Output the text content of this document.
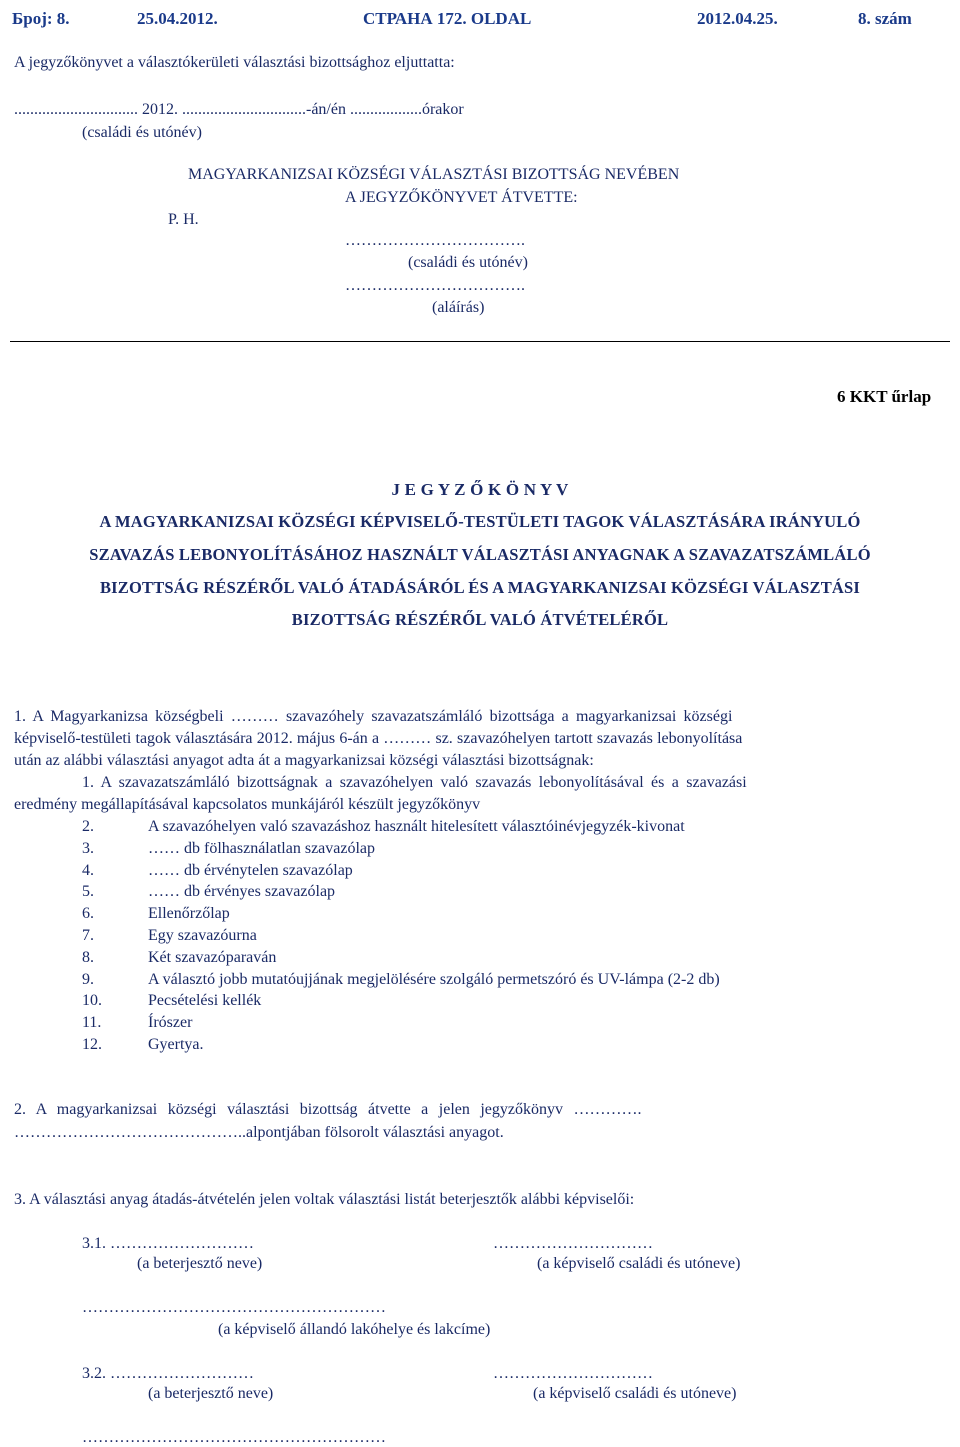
Број: 8.	25.04.2012.	СТРАНА 172. OLDAL	2012.04.25.	8. szám
A jegyzőkönyvet a választókerületi választási bizottsághoz eljuttatta:
............................... 2012. ...............................-án/én ..................órakor
(családi és utónév)
MAGYARKANIZSAI KÖZSÉGI VÁLASZTÁSI BIZOTTSÁG NEVÉBEN
A JEGYZŐKÖNYVET ÁTVETTE:
P. H.
…………………………….
(családi és utónév)
…………………………….
(aláírás)
6 KKT űrlap
J E G Y Z Ő K Ö N Y V
A MAGYARKANIZSAI KÖZSÉGI KÉPVISELŐ-TESTÜLETI TAGOK VÁLASZTÁSÁRA IRÁNYULÓ
SZAVAZÁS LEBONYOLÍTÁSÁHOZ HASZNÁLT VÁLASZTÁSI ANYAGNAK A SZAVAZATSZÁMLÁLÓ
BIZOTTSÁG RÉSZÉRŐL VALÓ ÁTADÁSÁRÓL ÉS A MAGYARKANIZSAI KÖZSÉGI VÁLASZTÁSI
BIZOTTSÁG RÉSZÉRŐL VALÓ ÁTVÉTELÉRŐL
1. A Magyarkanizsa községbeli ……… szavazóhely szavazatszámláló bizottsága a magyarkanizsai községi
képviselő-testületi tagok választására 2012. május 6-án a ……… sz. szavazóhelyen tartott szavazás lebonyolítása
után az alábbi választási anyagot adta át a magyarkanizsai községi választási bizottságnak:
1. A szavazatszámláló bizottságnak a szavazóhelyen való szavazás lebonyolításával és a szavazási
eredmény megállapításával kapcsolatos munkájáról készült jegyzőkönyv
2.	A szavazóhelyen való szavazáshoz használt hitelesített választóinévjegyzék-kivonat
3.	…… db fölhasználatlan szavazólap
4.	…… db érvénytelen szavazólap
5.	…… db érvényes szavazólap
6.	Ellenőrzőlap
7.	Egy szavazóurna
8.	Két szavazóparaván
9.	A választó jobb mutatóujjának megjelölésére szolgáló permetszóró és UV-lámpa (2-2 db)
10.	Pecsételési kellék
11.	Írószer
12.	Gyertya.
2. A magyarkanizsai községi választási bizottság átvette a jelen jegyzőkönyv ………….
……………………………………..alpontjában fölsorolt választási anyagot.
3. A választási anyag átadás-átvételén jelen voltak választási listát beterjesztők alábbi képviselői:
3.1. ………………………	…………………………
(a beterjesztő neve)	(a képviselő családi és utóneve)
…………………………………………………
(a képviselő állandó lakóhelye és lakcíme)
3.2. ………………………	…………………………
(a beterjesztő neve)	(a képviselő családi és utóneve)
…………………………………………………
